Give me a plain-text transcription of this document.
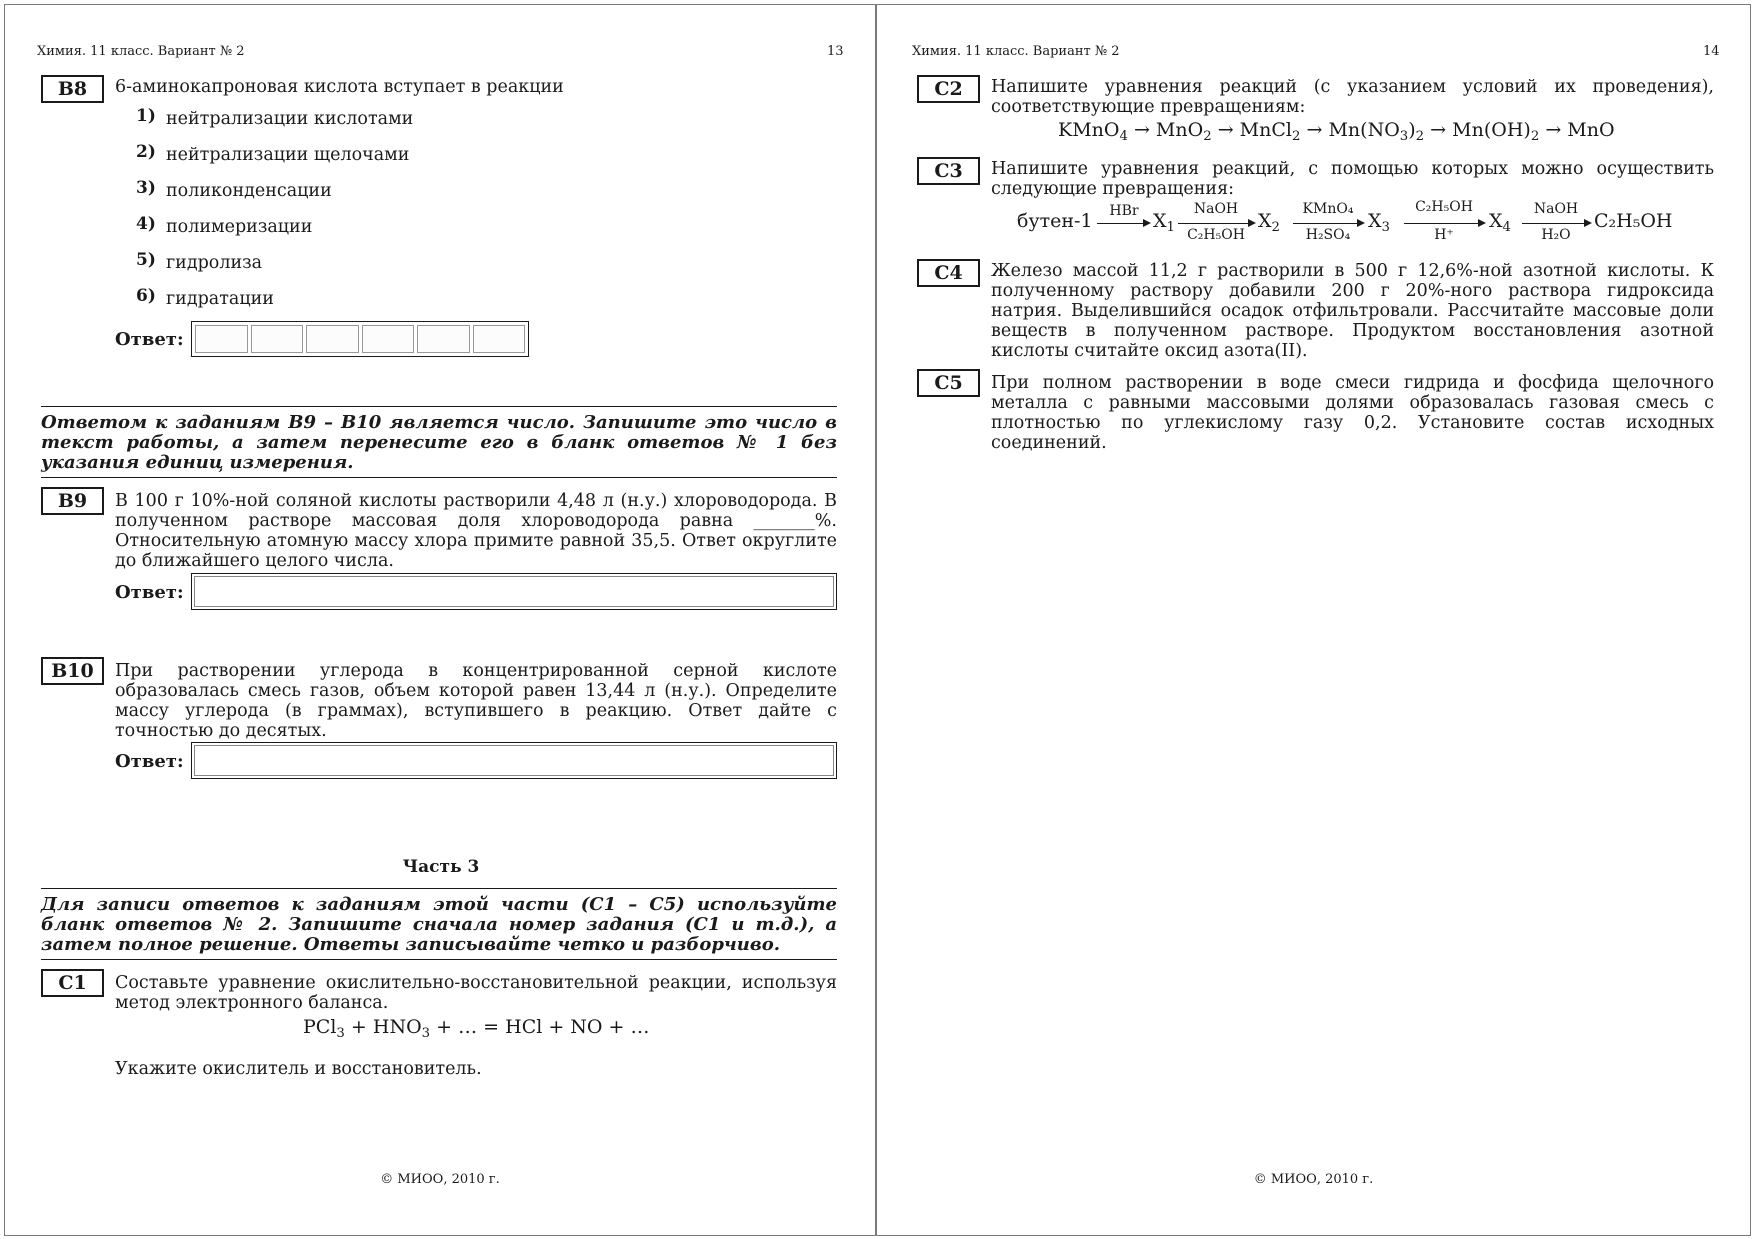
Химия. 11 класс. Вариант № 2	13
B8	6-аминокапроновая кислота вступает в реакции
1) нейтрализации кислотами
2) нейтрализации щелочами
3) поликонденсации
4) полимеризации
5) гидролиза
6) гидратации
Ответ:
Ответом к заданиям В9 – В10 является число. Запишите это число в текст работы, а затем перенесите его в бланк ответов № 1 без указания единиц измерения.
B9	В 100 г 10%-ной соляной кислоты растворили 4,48 л (н.у.) хлороводорода. В полученном растворе массовая доля хлороводорода равна _______%. Относительную атомную массу хлора примите равной 35,5. Ответ округлите до ближайшего целого числа.
Ответ:
B10	При растворении углерода в концентрированной серной кислоте образовалась смесь газов, объем которой равен 13,44 л (н.у.). Определите массу углерода (в граммах), вступившего в реакцию. Ответ дайте с точностью до десятых.
Ответ:
Часть 3
Для записи ответов к заданиям этой части (С1 – С5) используйте бланк ответов № 2. Запишите сначала номер задания (С1 и т.д.), а затем полное решение. Ответы записывайте четко и разборчиво.
C1	Составьте уравнение окислительно-восстановительной реакции, используя метод электронного баланса.
$PCl_3 + HNO_3$ + … = HCl + NO + …
Укажите окислитель и восстановитель.
© МИОО, 2010 г.
Химия. 11 класс. Вариант № 2	14
C2	Напишите уравнения реакций (с указанием условий их проведения), соответствующие превращениям:
KMnO$_4$ → MnO$_2$ → MnCl$_2$ → $Mn(NO_3)_2 \to Mn(OH)_2$ → MnO
C3	Напишите уравнения реакций, с помощью которых можно осуществить следующие превращения:
бутен-1	HBr $X_1$
NaOH
C₂H₅OH
$X_2$
KMnO₄
H₂SO₄
$X_3$
C₂H₅OH
H⁺
$X_4$
NaOH
H₂O
C₂H₅OH
C4	Железо массой 11,2 г растворили в 500 г 12,6%-ной азотной кислоты. К полученному раствору добавили 200 г 20%-ного раствора гидроксида натрия. Выделившийся осадок отфильтровали. Рассчитайте массовые доли веществ в полученном растворе. Продуктом восстановления азотной кислоты считайте оксид азота(II).
C5	При полном растворении в воде смеси гидрида и фосфида щелочного металла с равными массовыми долями образовалась газовая смесь с плотностью по углекислому газу 0,2. Установите состав исходных соединений.
© МИОО, 2010 г.
